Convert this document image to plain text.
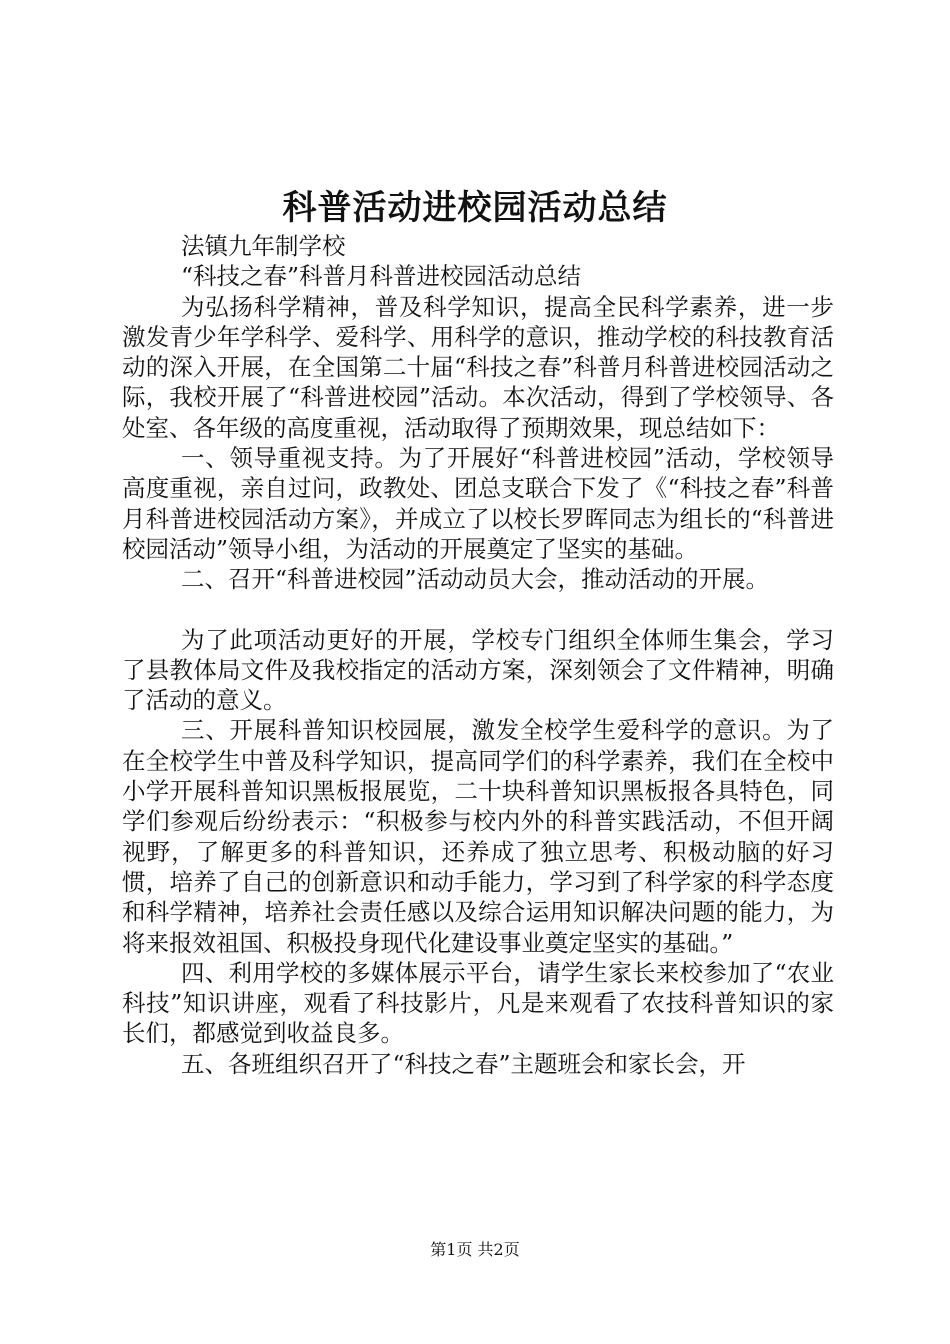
科普活动进校园活动总结

法镇九年制学校

“科技之春”科普月科普进校园活动总结

为弘扬科学精神，普及科学知识，提高全民科学素养，进一步激发青少年学科学、爱科学、用科学的意识，推动学校的科技教育活动的深入开展，在全国第二十届“科技之春”科普月科普进校园活动之际，我校开展了“科普进校园”活动。本次活动，得到了学校领导、各处室、各年级的高度重视，活动取得了预期效果，现总结如下：

一、领导重视支持。为了开展好“科普进校园”活动，学校领导高度重视，亲自过问，政教处、团总支联合下发了《“科技之春”科普月科普进校园活动方案》，并成立了以校长罗晖同志为组长的“科普进校园活动”领导小组，为活动的开展奠定了坚实的基础。

二、召开“科普进校园”活动动员大会，推动活动的开展。

为了此项活动更好的开展，学校专门组织全体师生集会，学习了县教体局文件及我校指定的活动方案，深刻领会了文件精神，明确了活动的意义。

三、开展科普知识校园展，激发全校学生爱科学的意识。为了在全校学生中普及科学知识，提高同学们的科学素养，我们在全校中小学开展科普知识黑板报展览，二十块科普知识黑板报各具特色，同学们参观后纷纷表示：“积极参与校内外的科普实践活动，不但开阔视野，了解更多的科普知识，还养成了独立思考、积极动脑的好习惯，培养了自己的创新意识和动手能力，学习到了科学家的科学态度和科学精神，培养社会责任感以及综合运用知识解决问题的能力，为将来报效祖国、积极投身现代化建设事业奠定坚实的基础。”

四、利用学校的多媒体展示平台，请学生家长来校参加了“农业科技”知识讲座，观看了科技影片，凡是来观看了农技科普知识的家长们，都感觉到收益良多。

五、各班组织召开了“科技之春”主题班会和家长会，开

第1页 共2页
